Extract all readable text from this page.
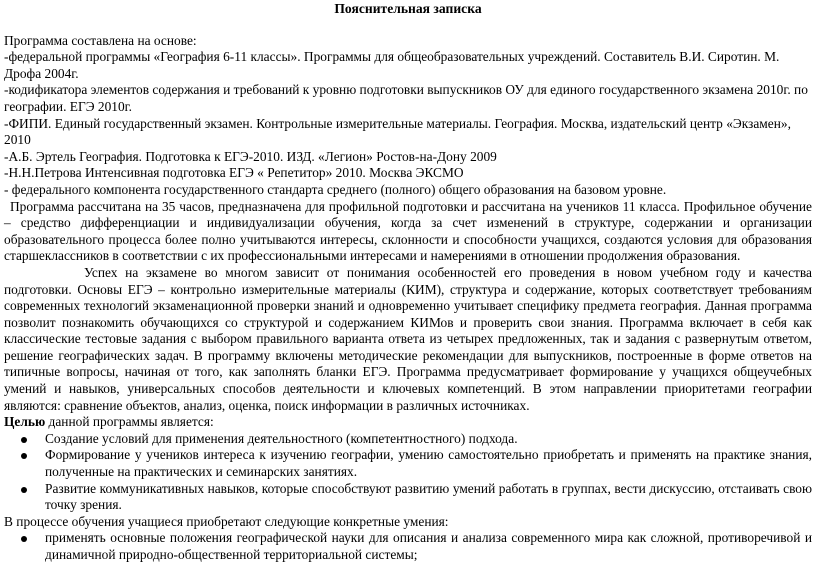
Пояснительная записка

Программа составлена на основе:

-федеральной программы «География 6-11 классы». Программы для общеобразовательных учреждений. Составитель В.И. Сиротин. М. Дрофа 2004г.

-кодификатора элементов содержания и требований к уровню подготовки выпускников ОУ для единого государственного экзамена 2010г. по географии. ЕГЭ 2010г.

-ФИПИ. Единый государственный экзамен. Контрольные измерительные материалы. География. Москва, издательский центр «Экзамен», 2010

-А.Б. Эртель География. Подготовка к ЕГЭ-2010. ИЗД. «Легион» Ростов-на-Дону 2009

-Н.Н.Петрова Интенсивная подготовка ЕГЭ « Репетитор» 2010. Москва ЭКСМО

- федерального компонента государственного стандарта среднего (полного) общего образования на базовом уровне.

Программа рассчитана на 35 часов, предназначена для профильной подготовки и рассчитана на учеников 11 класса. Профильное обучение – средство дифференциации и индивидуализации обучения, когда за счет изменений в структуре, содержании и организации образовательного процесса более полно учитываются интересы, склонности и способности учащихся, создаются условия для образования старшеклассников в соответствии с их профессиональными интересами и намерениями в отношении продолжения образования.

Успех на экзамене во многом зависит от понимания особенностей его проведения в новом учебном году и качества подготовки. Основы ЕГЭ – контрольно измерительные материалы (КИМ), структура и содержание, которых соответствует требованиям современных технологий экзаменационной проверки знаний и одновременно учитывает специфику предмета география. Данная программа позволит познакомить обучающихся со структурой и содержанием КИМов и проверить свои знания. Программа включает в себя как классические тестовые задания с выбором правильного варианта ответа из четырех предложенных, так и задания с развернутым ответом, решение географических задач. В программу включены методические рекомендации для выпускников, построенные в форме ответов на типичные вопросы, начиная от того, как заполнять бланки ЕГЭ. Программа предусматривает формирование у учащихся общеучебных умений и навыков, универсальных способов деятельности и ключевых компетенций. В этом направлении приоритетами географии являются: сравнение объектов, анализ, оценка, поиск информации в различных источниках.

Целью данной программы является:

Создание условий для применения деятельностного (компетентностного) подхода.
Формирование у учеников интереса к изучению географии, умению самостоятельно приобретать и применять на практике знания, полученные на практических и семинарских занятиях.
Развитие коммуникативных навыков, которые способствуют развитию умений работать в группах, вести дискуссию, отстаивать свою точку зрения.

В процессе обучения учащиеся приобретают следующие конкретные умения:

применять основные положения географической науки для описания и анализа современного мира как сложной, противоречивой и динамичной природно-общественной территориальной системы;
